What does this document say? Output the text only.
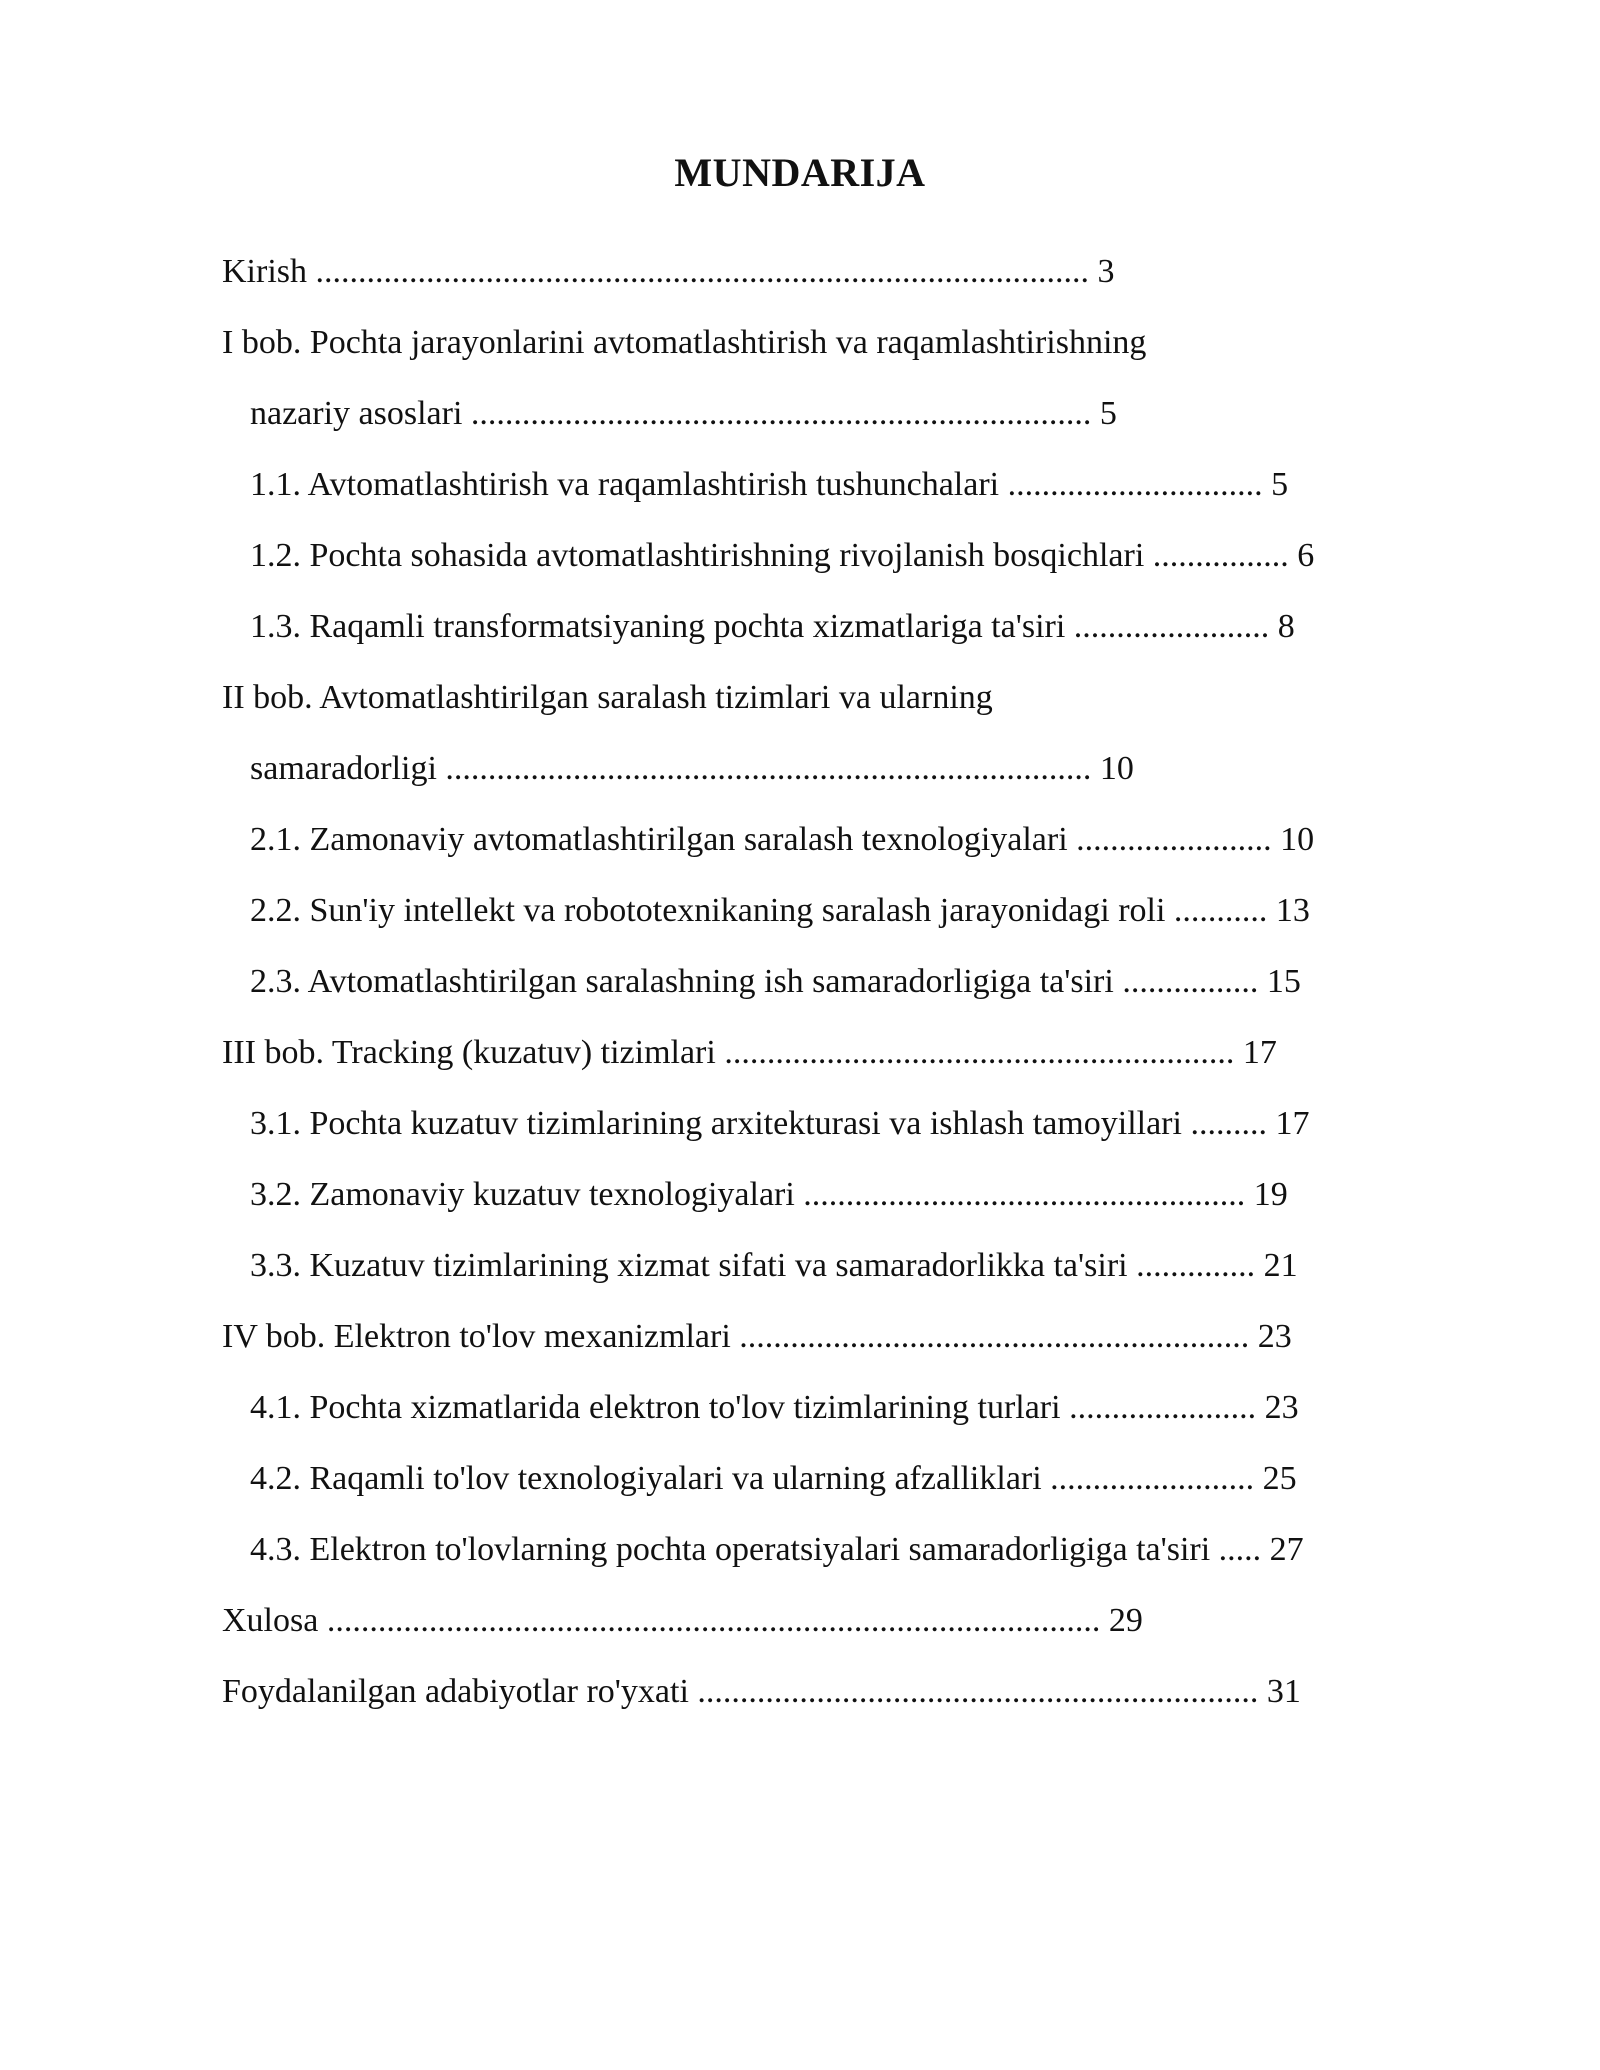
MUNDARIJA
Kirish ........................................................................................... 3
I bob. Pochta jarayonlarini avtomatlashtirish va raqamlashtirishning
nazariy asoslari ......................................................................... 5
1.1. Avtomatlashtirish va raqamlashtirish tushunchalari .............................. 5
1.2. Pochta sohasida avtomatlashtirishning rivojlanish bosqichlari ................ 6
1.3. Raqamli transformatsiyaning pochta xizmatlariga ta'siri ....................... 8
II bob. Avtomatlashtirilgan saralash tizimlari va ularning
samaradorligi ............................................................................ 10
2.1. Zamonaviy avtomatlashtirilgan saralash texnologiyalari ....................... 10
2.2. Sun'iy intellekt va robototexnikaning saralash jarayonidagi roli ........... 13
2.3. Avtomatlashtirilgan saralashning ish samaradorligiga ta'siri ................ 15
III bob. Tracking (kuzatuv) tizimlari ............................................................ 17
3.1. Pochta kuzatuv tizimlarining arxitekturasi va ishlash tamoyillari ......... 17
3.2. Zamonaviy kuzatuv texnologiyalari .................................................... 19
3.3. Kuzatuv tizimlarining xizmat sifati va samaradorlikka ta'siri .............. 21
IV bob. Elektron to'lov mexanizmlari ............................................................ 23
4.1. Pochta xizmatlarida elektron to'lov tizimlarining turlari ...................... 23
4.2. Raqamli to'lov texnologiyalari va ularning afzalliklari ........................ 25
4.3. Elektron to'lovlarning pochta operatsiyalari samaradorligiga ta'siri ..... 27
Xulosa ........................................................................................... 29
Foydalanilgan adabiyotlar ro'yxati .................................................................. 31
